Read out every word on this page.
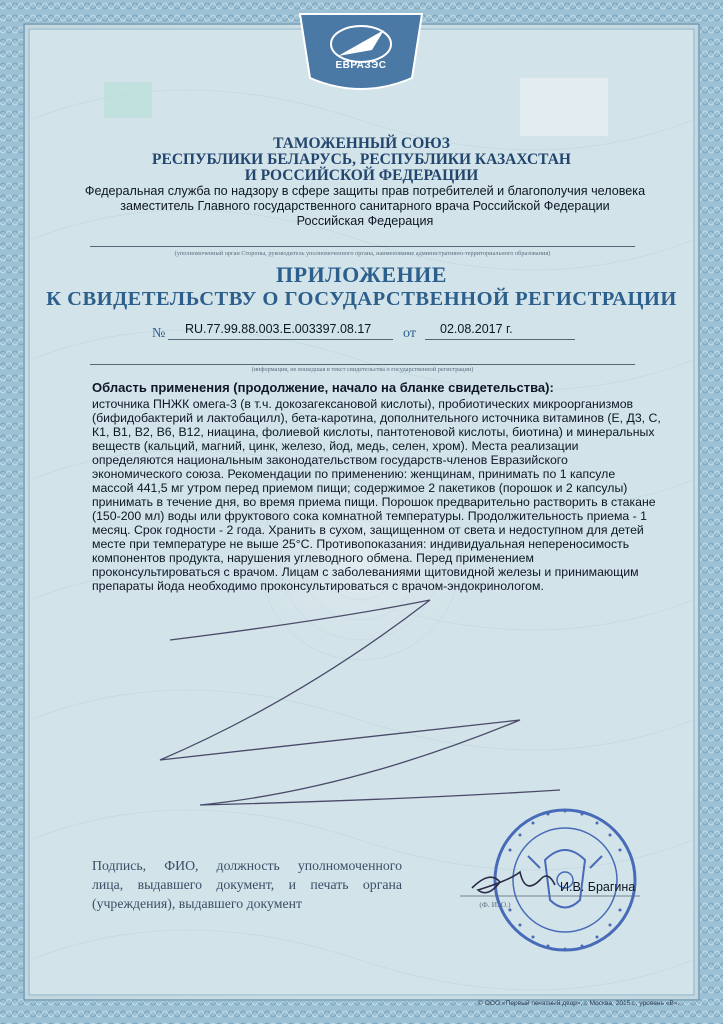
ЕВРАЗЭС
ТАМОЖЕННЫЙ СОЮЗ
РЕСПУБЛИКИ БЕЛАРУСЬ, РЕСПУБЛИКИ КАЗАХСТАН
И РОССИЙСКОЙ ФЕДЕРАЦИИ
Федеральная служба по надзору в сфере защиты прав потребителей и благополучия человека
заместитель Главного государственного санитарного врача Российской Федерации
Российская Федерация
(уполномоченный орган Стороны, руководитель уполномоченного органа, наименование административно-территориального образования)
ПРИЛОЖЕНИЕ
К СВИДЕТЕЛЬСТВУ О ГОСУДАРСТВЕННОЙ РЕГИСТРАЦИИ
№ RU.77.99.88.003.Е.003397.08.17 от 02.08.2017 г.
(информация, не вошедшая в текст свидетельства о государственной регистрации)
Область применения (продолжение, начало на бланке свидетельства):
источника ПНЖК омега-3 (в т.ч. докозагексановой кислоты), пробиотических микроорганизмов
(бифидобактерий и лактобацилл), бета-каротина, дополнительного источника витаминов (Е, Д3, С,
К1, В1, В2, В6, В12, ниацина, фолиевой кислоты, пантотеновой кислоты, биотина) и минеральных
веществ (кальций, магний, цинк, железо, йод, медь, селен, хром). Места реализации
определяются национальным законодательством государств-членов Евразийского
экономического союза. Рекомендации по применению: женщинам, принимать по 1 капсуле
массой 441,5 мг утром перед приемом пищи; содержимое 2 пакетиков (порошок и 2 капсулы)
принимать в течение дня, во время приема пищи. Порошок предварительно растворить в стакане
(150-200 мл) воды или фруктового сока комнатной температуры. Продолжительность приема - 1
месяц. Срок годности - 2 года. Хранить в сухом, защищенном от света и недоступном для детей
месте при температуре не выше 25°С. Противопоказания: индивидуальная непереносимость
компонентов продукта, нарушения углеводного обмена. Перед применением
проконсультироваться с врачом. Лицам с заболеваниями щитовидной железы и принимающим
препараты йода необходимо проконсультироваться с врачом-эндокринологом.
Подпись, ФИО, должность уполномоченного
лица, выдавшего документ, и печать органа
(учреждения), выдавшего документ
И.В. Брагина
(Ф. И. О.)
© ООО «Первый печатный двор», г. Москва, 2015 г., уровень «В».
